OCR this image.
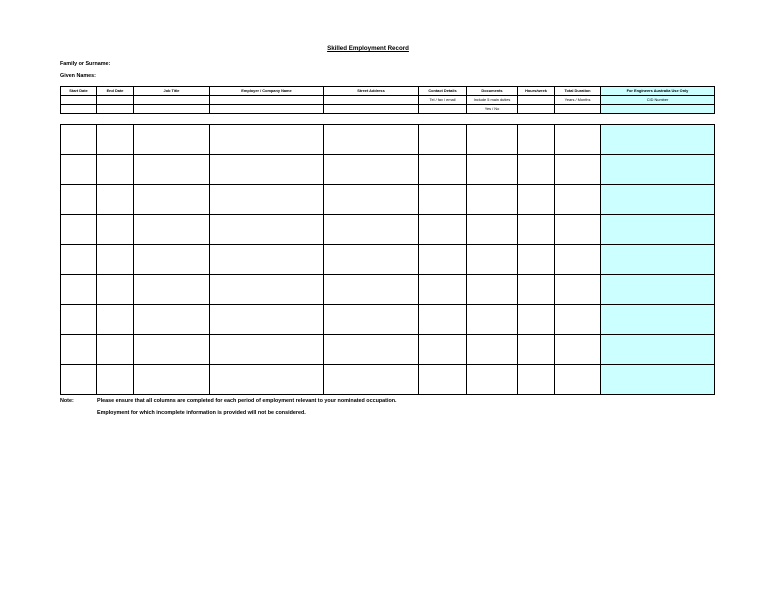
Skilled Employment Record
Family or Surname:
Given Names:
Start Date	End Date	Job Title	Employer / Company Name	Street Address	Contact Details	Documents	Hours/week	Total Duration	For Engineers Australia Use Only
					Tel / fax / email	Include 5 main duties		Years / Months	CID Number
						Yes / No			

Note:	Please ensure that all columns are completed for each period of employment relevant to your nominated occupation.
Employment for which incomplete information is provided will not be considered.
